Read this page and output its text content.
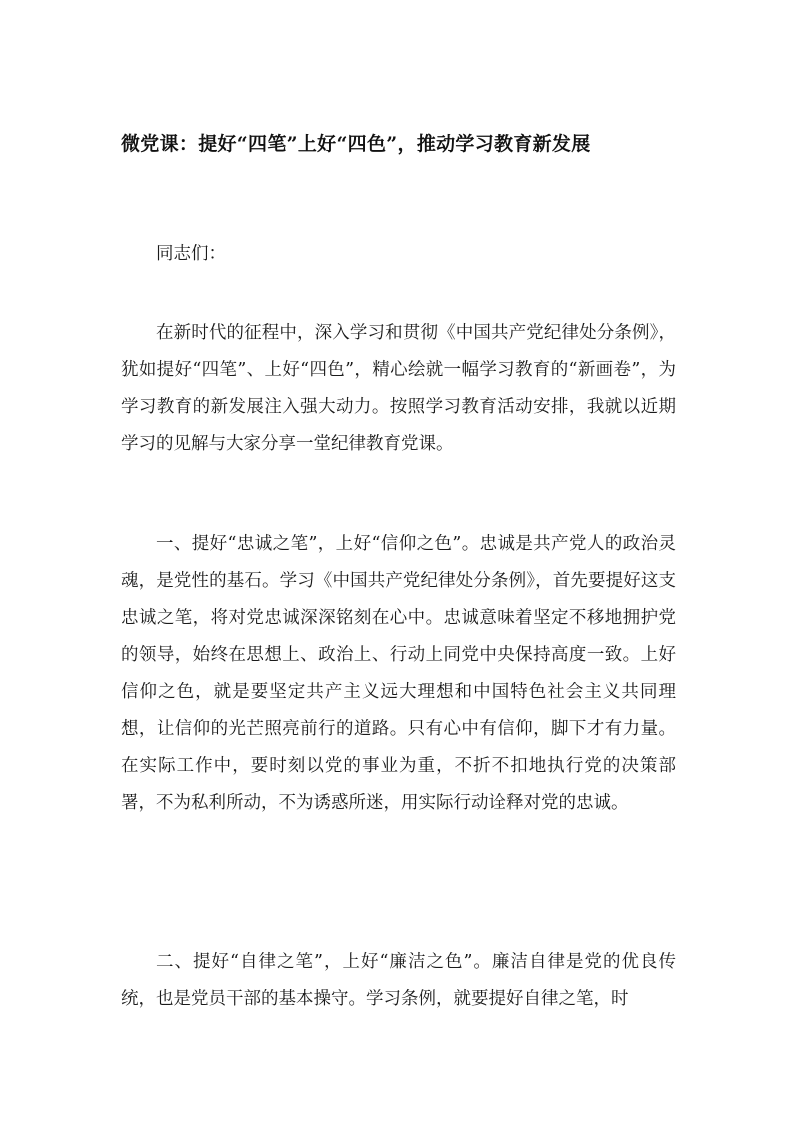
微党课：提好“四笔”上好“四色”，推动学习教育新发展

同志们：

在新时代的征程中，深入学习和贯彻《中国共产党纪律处分条例》，犹如提好“四笔”、上好“四色”，精心绘就一幅学习教育的“新画卷”，为学习教育的新发展注入强大动力。按照学习教育活动安排，我就以近期学习的见解与大家分享一堂纪律教育党课。

一、提好“忠诚之笔”，上好“信仰之色”。忠诚是共产党人的政治灵魂，是党性的基石。学习《中国共产党纪律处分条例》，首先要提好这支忠诚之笔，将对党忠诚深深铭刻在心中。忠诚意味着坚定不移地拥护党的领导，始终在思想上、政治上、行动上同党中央保持高度一致。上好信仰之色，就是要坚定共产主义远大理想和中国特色社会主义共同理想，让信仰的光芒照亮前行的道路。只有心中有信仰，脚下才有力量。在实际工作中，要时刻以党的事业为重，不折不扣地执行党的决策部署，不为私利所动，不为诱惑所迷，用实际行动诠释对党的忠诚。

二、提好“自律之笔”，上好“廉洁之色”。廉洁自律是党的优良传统，也是党员干部的基本操守。学习条例，就要提好自律之笔，时
